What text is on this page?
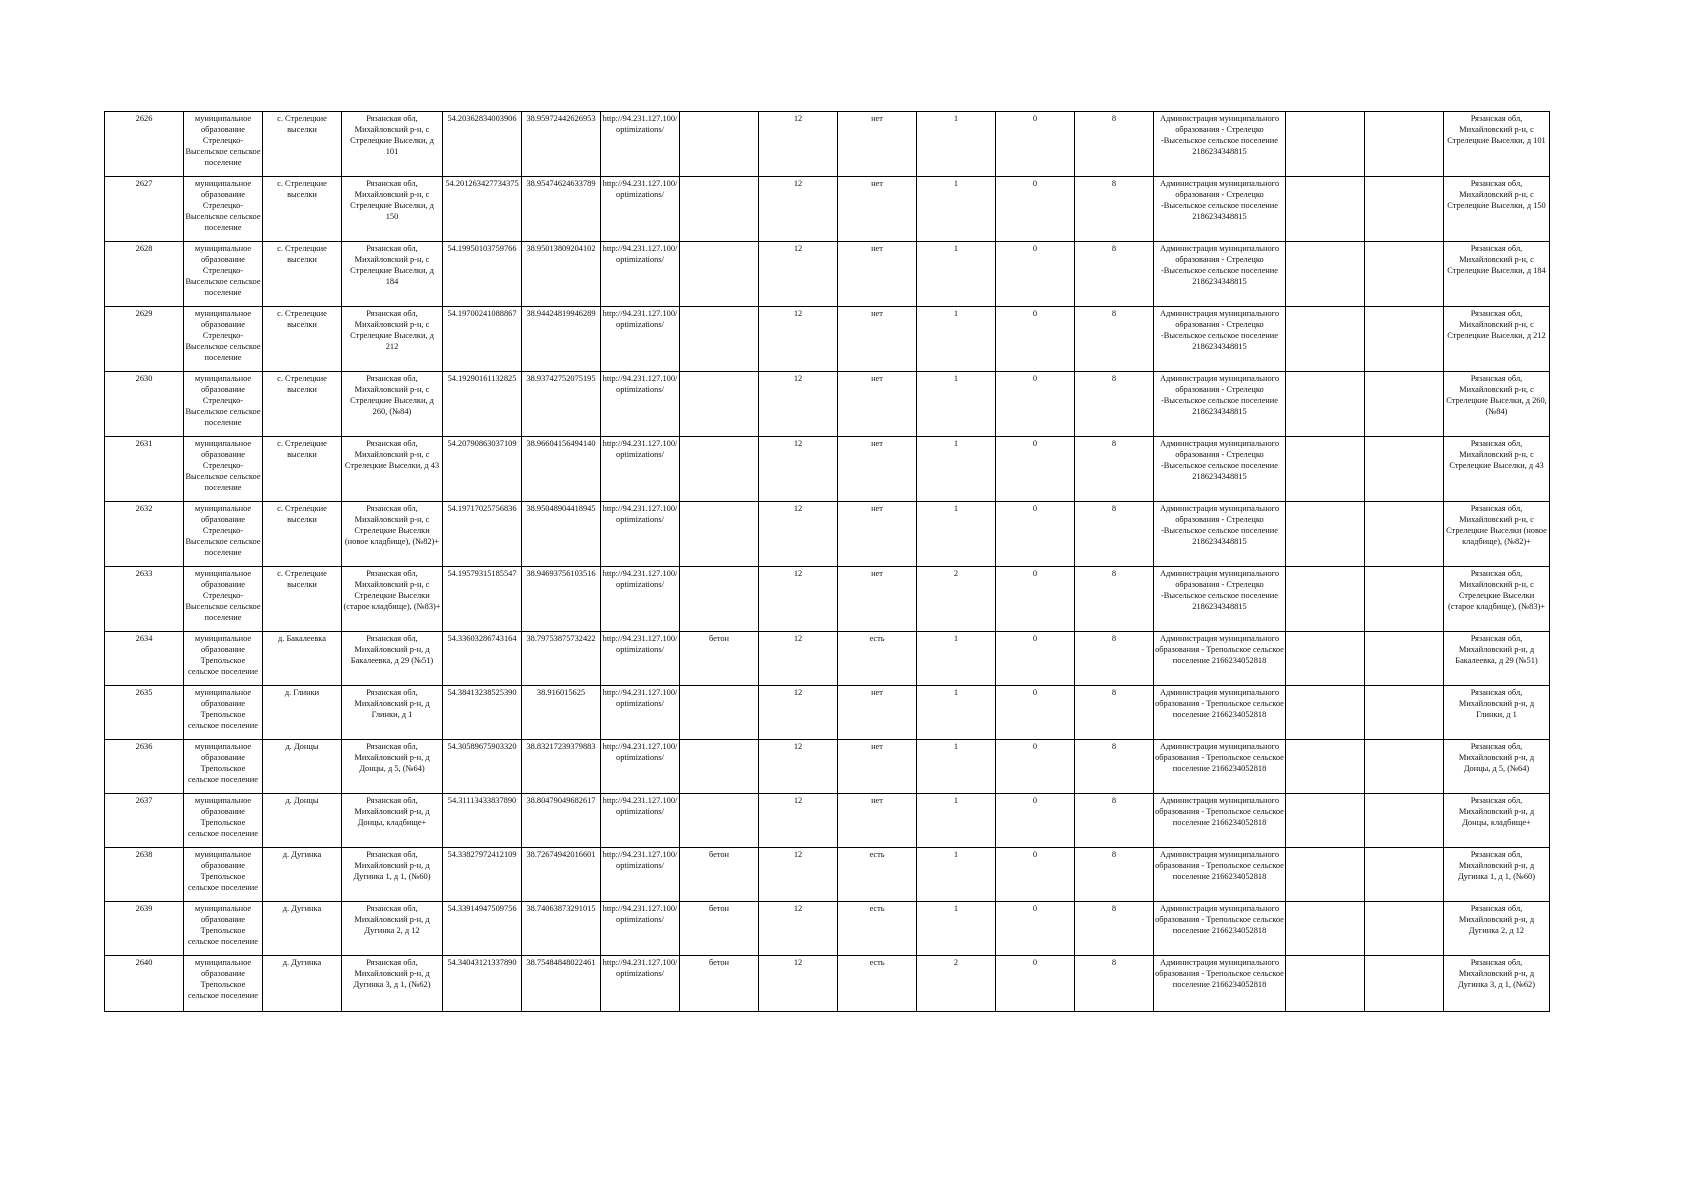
2626	муниципальное образование Стрелецко-Высельское сельское поселение	с. Стрелецкие выселки	Рязанская обл, Михайловский р-н, с Стрелецкие Выселки, д 101	54.20362834003906	38.95972442626953	http://94.231.127.100/optimizations/		12	нет	1	0	8	Администрация муниципального образования - Стрелецко -Высельское сельское поселение 2186234348815			Рязанская обл, Михайловский р-н, с Стрелецкие Выселки, д 101
2627	муниципальное образование Стрелецко-Высельское сельское поселение	с. Стрелецкие выселки	Рязанская обл, Михайловский р-н, с Стрелецкие Выселки, д 150	54.201263427734375	38.95474624633789	http://94.231.127.100/optimizations/		12	нет	1	0	8	Администрация муниципального образования - Стрелецко -Высельское сельское поселение 2186234348815			Рязанская обл, Михайловский р-н, с Стрелецкие Выселки, д 150
2628	муниципальное образование Стрелецко-Высельское сельское поселение	с. Стрелецкие выселки	Рязанская обл, Михайловский р-н, с Стрелецкие Выселки, д 184	54.19950103759766	38.95013809204102	http://94.231.127.100/optimizations/		12	нет	1	0	8	Администрация муниципального образования - Стрелецко -Высельское сельское поселение 2186234348815			Рязанская обл, Михайловский р-н, с Стрелецкие Выселки, д 184
2629	муниципальное образование Стрелецко-Высельское сельское поселение	с. Стрелецкие выселки	Рязанская обл, Михайловский р-н, с Стрелецкие Выселки, д 212	54.19700241088867	38.94424819946289	http://94.231.127.100/optimizations/		12	нет	1	0	8	Администрация муниципального образования - Стрелецко -Высельское сельское поселение 2186234348815			Рязанская обл, Михайловский р-н, с Стрелецкие Выселки, д 212
2630	муниципальное образование Стрелецко-Высельское сельское поселение	с. Стрелецкие выселки	Рязанская обл, Михайловский р-н, с Стрелецкие Выселки, д 260, (№84)	54.19290161132825	38.93742752075195	http://94.231.127.100/optimizations/		12	нет	1	0	8	Администрация муниципального образования - Стрелецко -Высельское сельское поселение 2186234348815			Рязанская обл, Михайловский р-н, с Стрелецкие Выселки, д 260, (№84)
2631	муниципальное образование Стрелецко-Высельское сельское поселение	с. Стрелецкие выселки	Рязанская обл, Михайловский р-н, с Стрелецкие Выселки, д 43	54.20790863037109	38.96604156494140	http://94.231.127.100/optimizations/		12	нет	1	0	8	Администрация муниципального образования - Стрелецко -Высельское сельское поселение 2186234348815			Рязанская обл, Михайловский р-н, с Стрелецкие Выселки, д 43
2632	муниципальное образование Стрелецко-Высельское сельское поселение	с. Стрелецкие выселки	Рязанская обл, Михайловский р-н, с Стрелецкие Выселки (новое кладбище), (№82)+	54.19717025756836	38.95048904418945	http://94.231.127.100/optimizations/		12	нет	1	0	8	Администрация муниципального образования - Стрелецко -Высельское сельское поселение 2186234348815			Рязанская обл, Михайловский р-н, с Стрелецкие Выселки (новое кладбище), (№82)+
2633	муниципальное образование Стрелецко-Высельское сельское поселение	с. Стрелецкие выселки	Рязанская обл, Михайловский р-н, с Стрелецкие Выселки (старое кладбище), (№83)+	54.19579315185547	38.94693756103516	http://94.231.127.100/optimizations/		12	нет	2	0	8	Администрация муниципального образования - Стрелецко -Высельское сельское поселение 2186234348815			Рязанская обл, Михайловский р-н, с Стрелецкие Выселки (старое кладбище), (№83)+
2634	муниципальное образование Трепольское сельское поселение	д. Бакалеевка	Рязанская обл, Михайловский р-н, д Бакалеевка, д 29 (№51)	54.33603286743164	38.79753875732422	http://94.231.127.100/optimizations/	бетон	12	есть	1	0	8	Администрация муниципального образования - Трепольское сельское поселение 2166234052818			Рязанская обл, Михайловский р-н, д Бакалеевка, д 29 (№51)
2635	муниципальное образование Трепольское сельское поселение	д. Глинки	Рязанская обл, Михайловский р-н, д Глинки, д 1	54.38413238525390	38.916015625	http://94.231.127.100/optimizations/		12	нет	1	0	8	Администрация муниципального образования - Трепольское сельское поселение 2166234052818			Рязанская обл, Михайловский р-н, д Глинки, д 1
2636	муниципальное образование Трепольское сельское поселение	д. Донцы	Рязанская обл, Михайловский р-н, д Донцы, д 5, (№64)	54.30589675903320	38.83217239379883	http://94.231.127.100/optimizations/		12	нет	1	0	8	Администрация муниципального образования - Трепольское сельское поселение 2166234052818			Рязанская обл, Михайловский р-н, д Донцы, д 5, (№64)
2637	муниципальное образование Трепольское сельское поселение	д. Донцы	Рязанская обл, Михайловский р-н, д Донцы, кладбище+	54.31113433837890	38.80479049682617	http://94.231.127.100/optimizations/		12	нет	1	0	8	Администрация муниципального образования - Трепольское сельское поселение 2166234052818			Рязанская обл, Михайловский р-н, д Донцы, кладбище+
2638	муниципальное образование Трепольское сельское поселение	д. Дугинка	Рязанская обл, Михайловский р-н, д Дугинка 1, д 1, (№60)	54.33827972412109	38.72674942016601	http://94.231.127.100/optimizations/	бетон	12	есть	1	0	8	Администрация муниципального образования - Трепольское сельское поселение 2166234052818			Рязанская обл, Михайловский р-н, д Дугинка 1, д 1, (№60)
2639	муниципальное образование Трепольское сельское поселение	д. Дугинка	Рязанская обл, Михайловский р-н, д Дугинка 2, д 12	54.33914947509756	38.74063873291015	http://94.231.127.100/optimizations/	бетон	12	есть	1	0	8	Администрация муниципального образования - Трепольское сельское поселение 2166234052818			Рязанская обл, Михайловский р-н, д Дугинка 2, д 12
2640	муниципальное образование Трепольское сельское поселение	д. Дугинка	Рязанская обл, Михайловский р-н, д Дугинка 3, д 1, (№62)	54.34043121337890	38.75484848022461	http://94.231.127.100/optimizations/	бетон	12	есть	2	0	8	Администрация муниципального образования - Трепольское сельское поселение 2166234052818			Рязанская обл, Михайловский р-н, д Дугинка 3, д 1, (№62)
